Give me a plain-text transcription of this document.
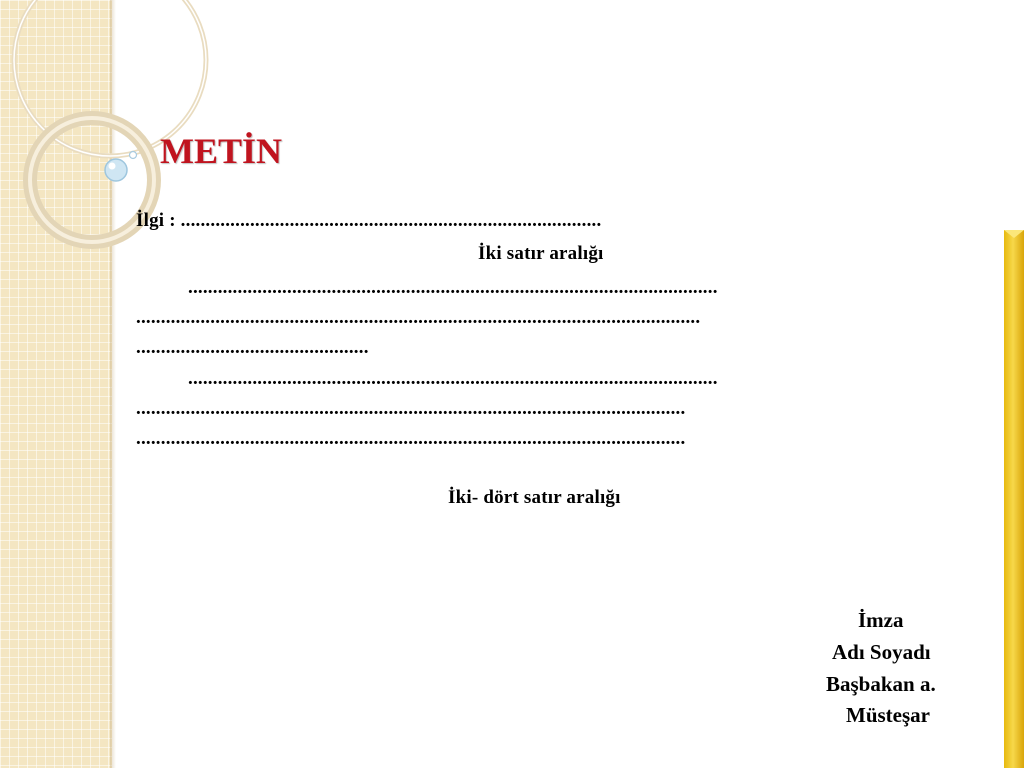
METİN
İlgi : .....................................................................................
İki satır aralığı
...........................................................................................................
..................................................................................................................
...............................................
...........................................................................................................
...............................................................................................................
...............................................................................................................
İki- dört satır aralığı
İmza
Adı Soyadı
Başbakan a.
Müsteşar
